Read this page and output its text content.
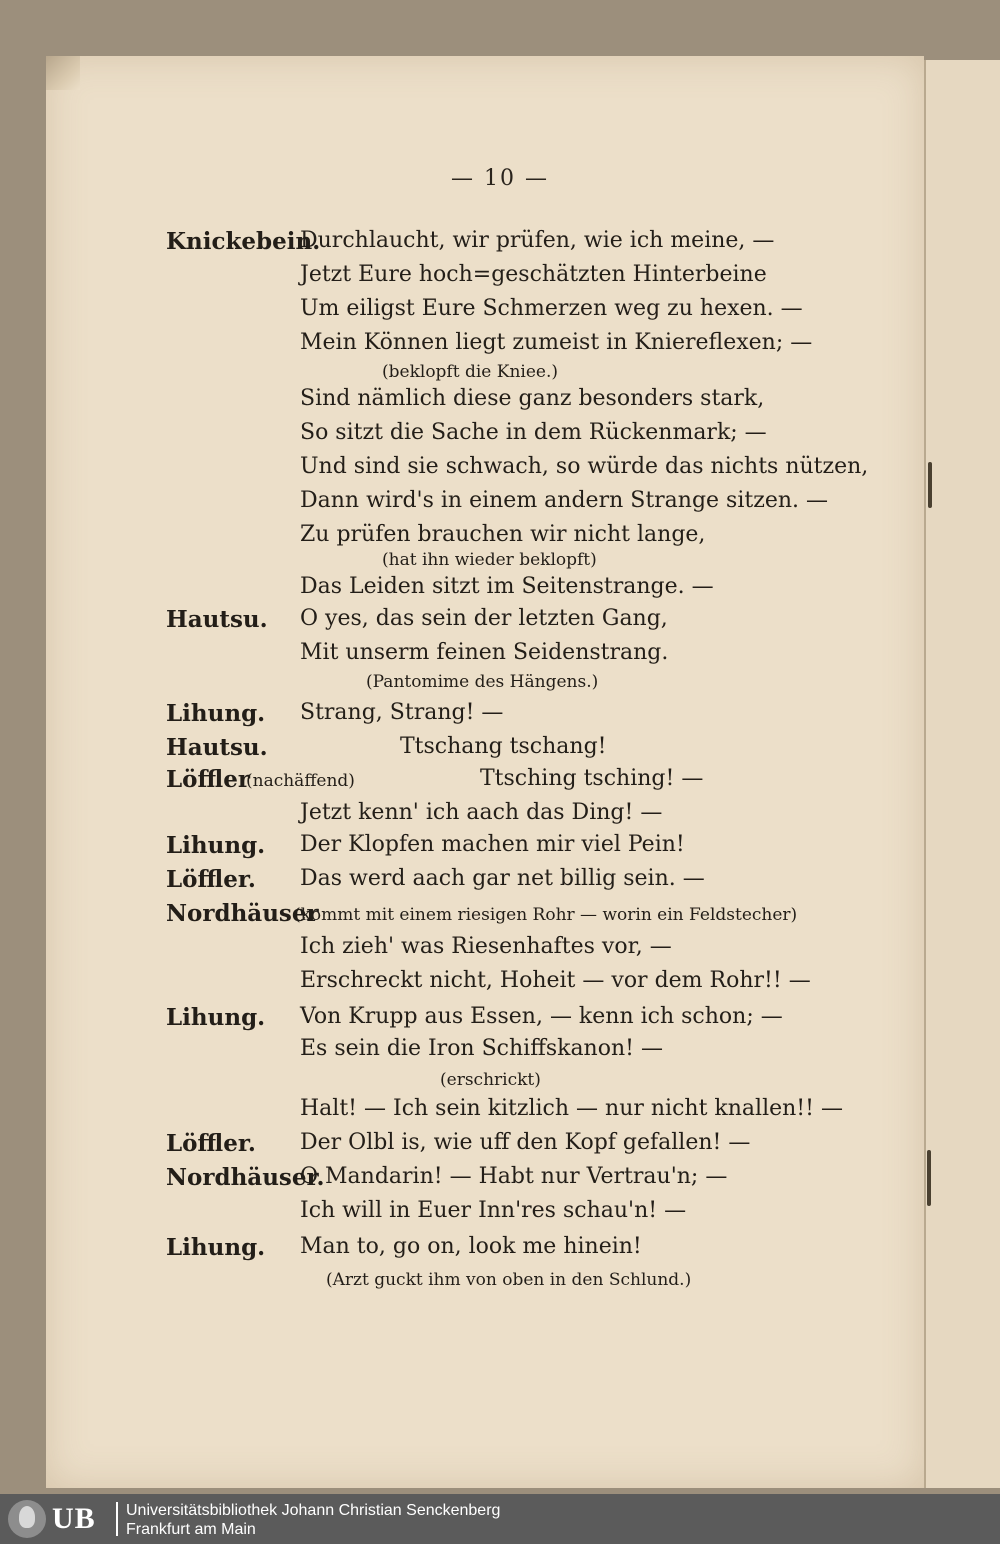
— 10 —
Knickebein.
Durchlaucht, wir prüfen, wie ich meine, —
Jetzt Eure hoch=geschätzten Hinterbeine
Um eiligst Eure Schmerzen weg zu hexen. —
Mein Können liegt zumeist in Kniereflexen; —
(beklopft die Kniee.)
Sind nämlich diese ganz besonders stark,
So sitzt die Sache in dem Rückenmark; —
Und sind sie schwach, so würde das nichts nützen,
Dann wird's in einem andern Strange sitzen. —
Zu prüfen brauchen wir nicht lange,
(hat ihn wieder beklopft)
Das Leiden sitzt im Seitenstrange. —
Hautsu. O yes, das sein der letzten Gang,
Mit unserm feinen Seidenstrang.
(Pantomime des Hängens.)
Lihung. Strang, Strang! —
Hautsu.	Ttschang tschang!
Löffler
(nachäffend)	Ttsching tsching! —
Jetzt kenn' ich aach das Ding! —
Lihung. Der Klopfen machen mir viel Pein!
Löffler. Das werd aach gar net billig sein. —
Nordhäuser
(kommt mit einem riesigen Rohr — worin ein Feldstecher)
Ich zieh' was Riesenhaftes vor, —
Erschreckt nicht, Hoheit — vor dem Rohr!! —
Lihung. Von Krupp aus Essen, — kenn ich schon; —
Es sein die Iron Schiffskanon! —
(erschrickt)
Halt! — Ich sein kitzlich — nur nicht knallen!! —
Löffler. Der Olbl is, wie uff den Kopf gefallen! —
Nordhäuser.
O Mandarin! — Habt nur Vertrau'n; —
Ich will in Euer Inn'res schau'n! —
Lihung. Man to, go on, look me hinein!
(Arzt guckt ihm von oben in den Schlund.)
UB Universitätsbibliothek Johann Christian Senckenberg
Frankfurt am Main
